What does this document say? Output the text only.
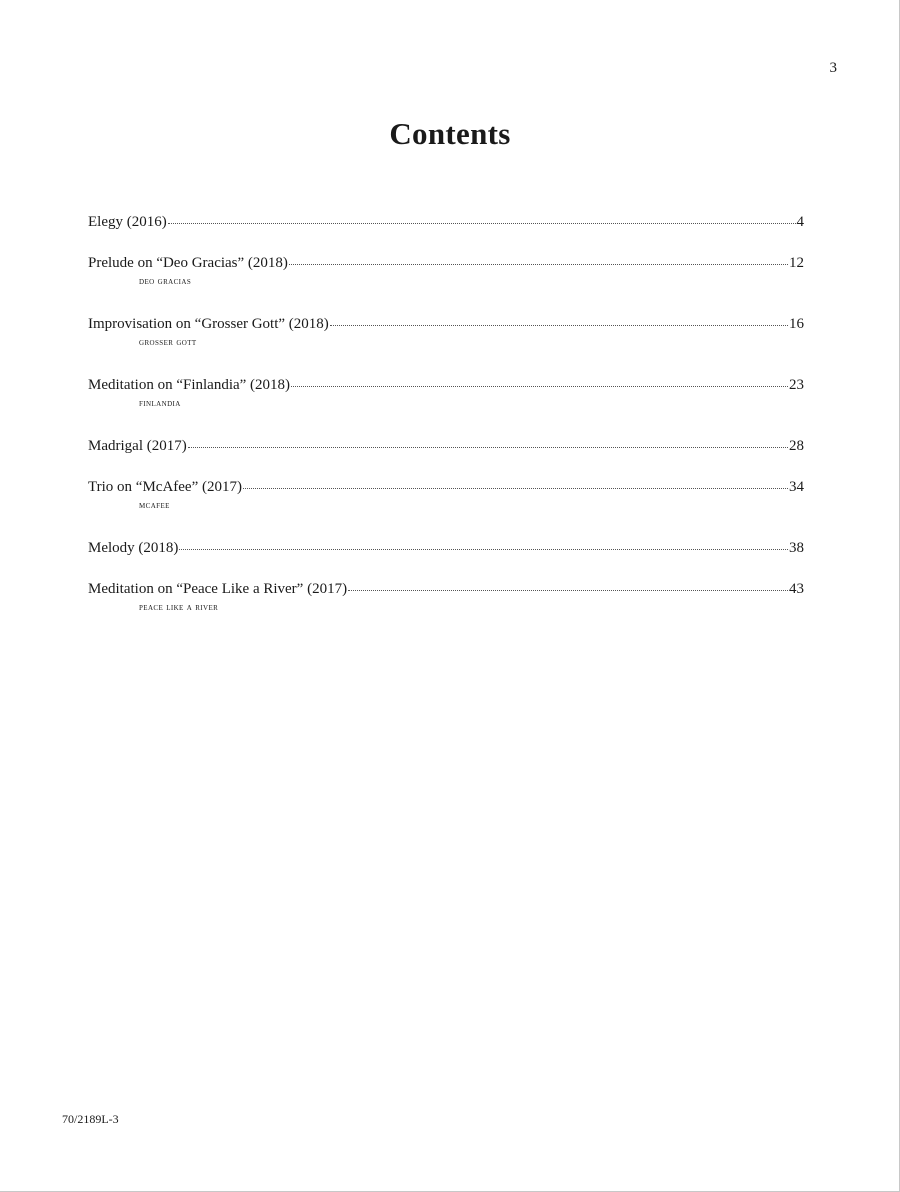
3
Contents
Elegy (2016)	4
Prelude on “Deo Gracias” (2018)	12
deo gracias
Improvisation on “Grosser Gott” (2018)	16
grosser gott
Meditation on “Finlandia” (2018)	23
finlandia
Madrigal (2017)	28
Trio on “McAfee” (2017)	34
mcafee
Melody (2018)	38
Meditation on “Peace Like a River” (2017)	43
peace like a river
70/2189L-3
